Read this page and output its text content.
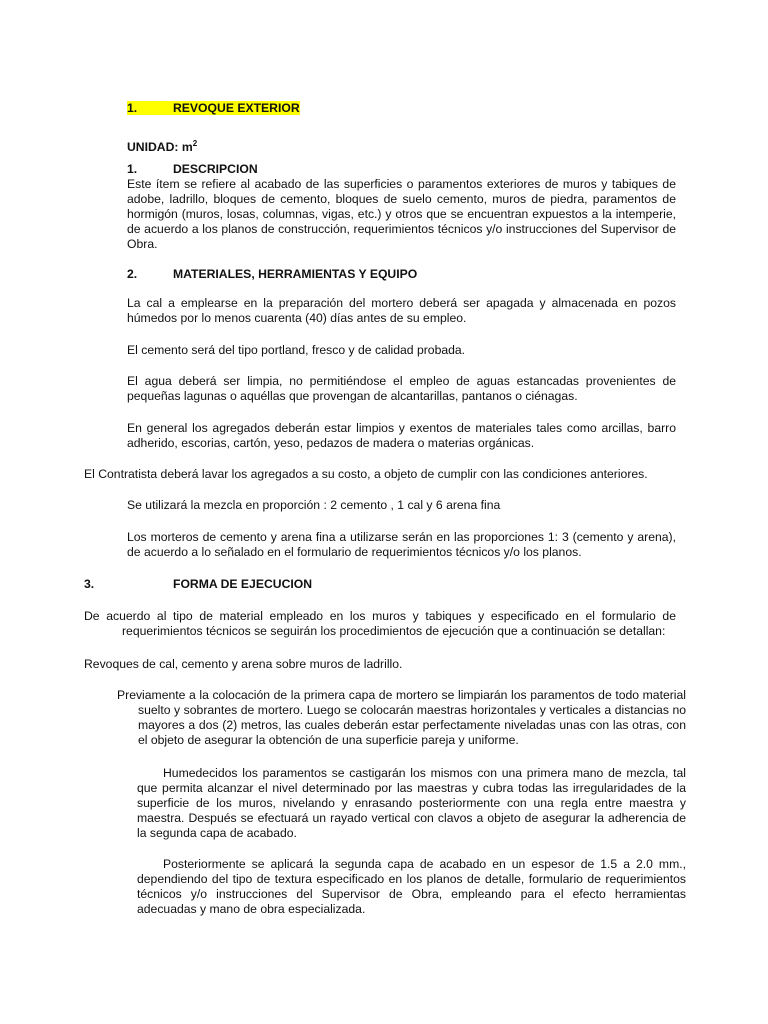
1.	REVOQUE EXTERIOR

UNIDAD: $m^2$

1.	DESCRIPCION

Este ítem se refiere al acabado de las superficies o paramentos exteriores de muros y tabiques de adobe, ladrillo, bloques de cemento, bloques de suelo cemento, muros de piedra, paramentos de hormigón (muros, losas, columnas, vigas, etc.) y otros que se encuentran expuestos a la intemperie, de acuerdo a los planos de construcción, requerimientos técnicos y/o instrucciones del Supervisor de Obra.

2.	MATERIALES, HERRAMIENTAS Y EQUIPO

La cal a emplearse en la preparación del mortero deberá ser apagada y almacenada en pozos húmedos por lo menos cuarenta (40) días antes de su empleo.

El cemento será del tipo portland, fresco y de calidad probada.

El agua deberá ser limpia, no permitiéndose el empleo de aguas estancadas provenientes de pequeñas lagunas o aquéllas que provengan de alcantarillas, pantanos o ciénagas.

En general los agregados deberán estar limpios y exentos de materiales tales como arcillas, barro adherido, escorias, cartón, yeso, pedazos de madera o materias orgánicas.

El Contratista deberá lavar los agregados a su costo, a objeto de cumplir con las condiciones anteriores.

Se utilizará la mezcla en proporción : 2 cemento , 1 cal y 6 arena fina

Los morteros de cemento y arena fina a utilizarse serán en las proporciones 1: 3 (cemento y arena), de acuerdo a lo señalado en el formulario de requerimientos técnicos y/o los planos.

3.	FORMA DE EJECUCION

De acuerdo al tipo de material empleado en los muros y tabiques y especificado en el formulario de requerimientos técnicos se seguirán los procedimientos de ejecución que a continuación se detallan:

Revoques de cal, cemento y arena sobre muros de ladrillo.

Previamente a la colocación de la primera capa de mortero se limpiarán los paramentos de todo material suelto y sobrantes de mortero. Luego se colocarán maestras horizontales y verticales a distancias no mayores a dos (2) metros, las cuales deberán estar perfectamente niveladas unas con las otras, con el objeto de asegurar la obtención de una superficie pareja y uniforme.

Humedecidos los paramentos se castigarán los mismos con una primera mano de mezcla, tal que permita alcanzar el nivel determinado por las maestras y cubra todas las irregularidades de la superficie de los muros, nivelando y enrasando posteriormente con una regla entre maestra y maestra. Después se efectuará un rayado vertical con clavos a objeto de asegurar la adherencia de la segunda capa de acabado.

Posteriormente se aplicará la segunda capa de acabado en un espesor de 1.5 a 2.0 mm., dependiendo del tipo de textura especificado en los planos de detalle, formulario de requerimientos técnicos y/o instrucciones del Supervisor de Obra, empleando para el efecto herramientas adecuadas y mano de obra especializada.
